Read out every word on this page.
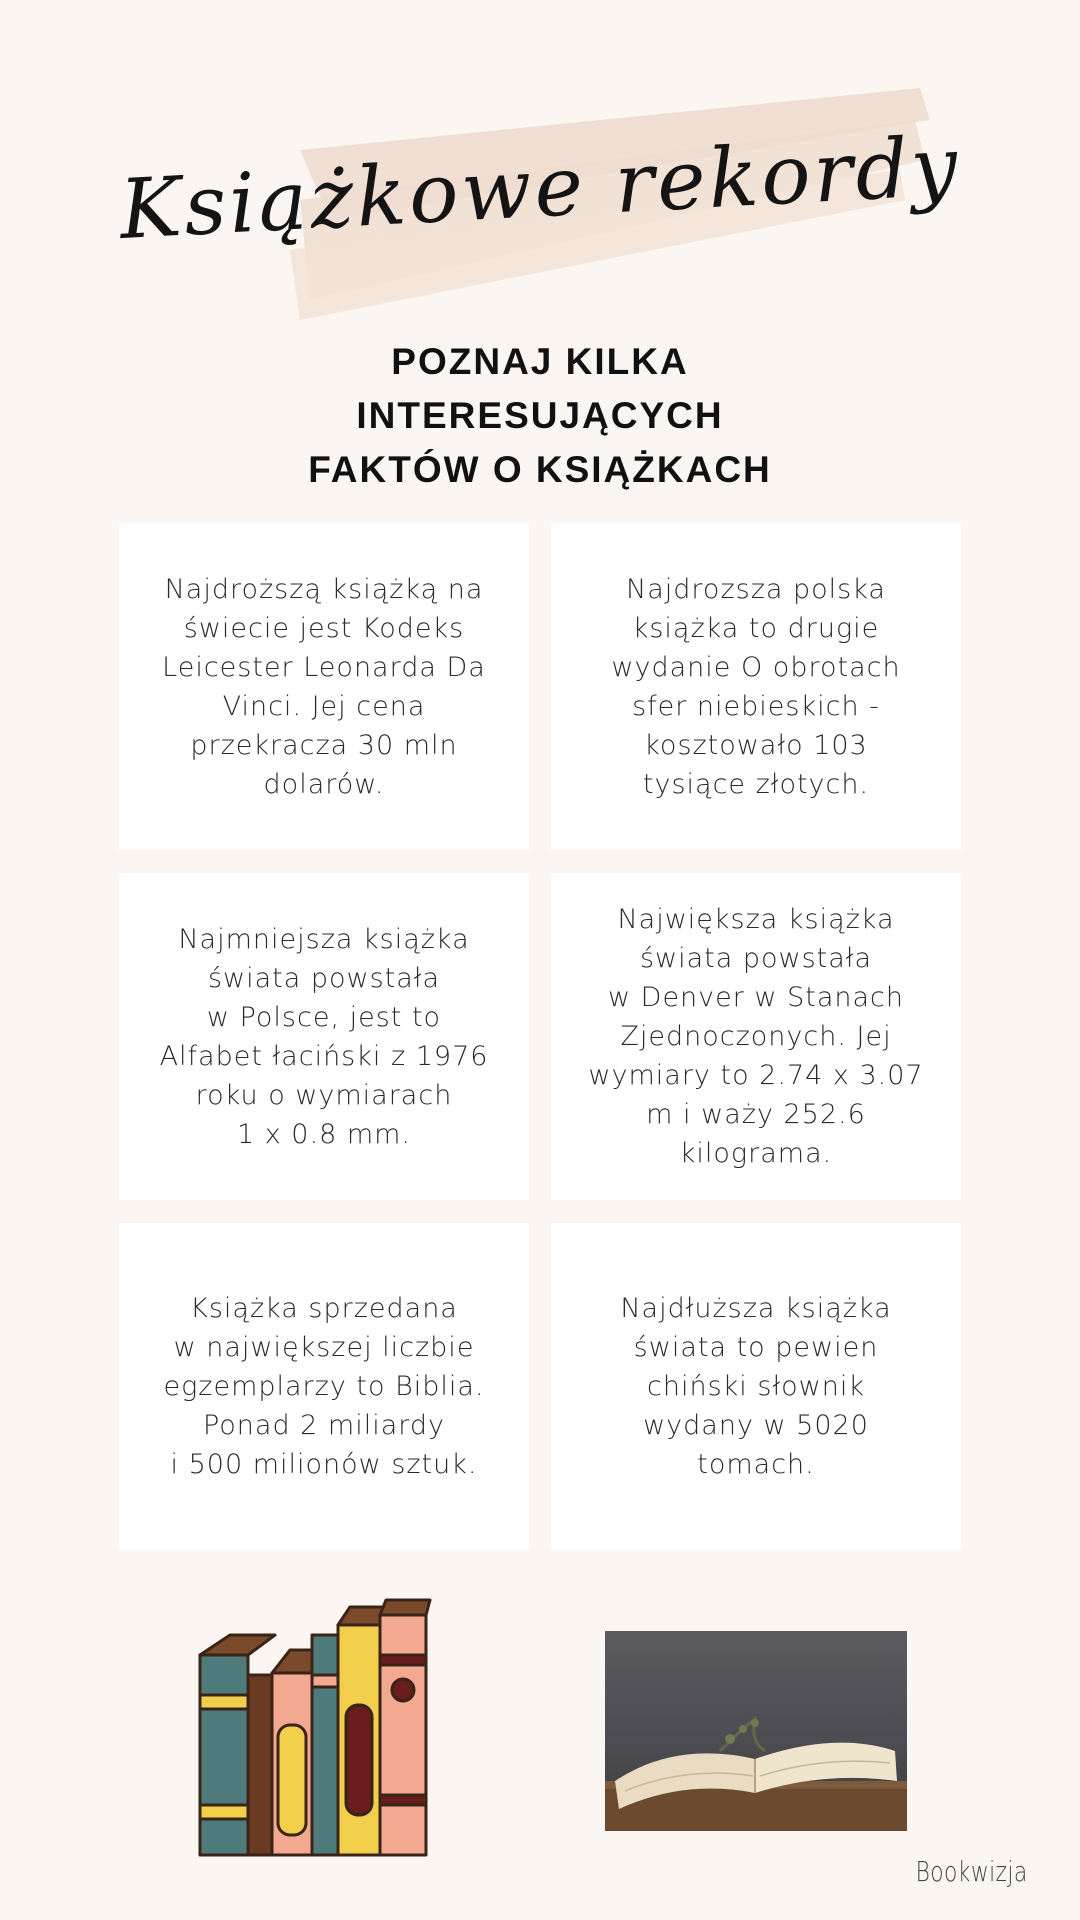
Książkowe rekordy
POZNAJ KILKA
INTERESUJĄCYCH
FAKTÓW O KSIĄŻKACH
Najdroższą książką na
świecie jest Kodeks
Leicester Leonarda Da
Vinci. Jej cena
przekracza 30 mln
dolarów.
Najdrozsza polska
książka to drugie
wydanie O obrotach
sfer niebieskich -
kosztowało 103
tysiące złotych.
Najmniejsza książka
świata powstała
w Polsce, jest to
Alfabet łaciński z 1976
roku o wymiarach
1 x 0.8 mm.
Największa książka
świata powstała
w Denver w Stanach
Zjednoczonych. Jej
wymiary to 2.74 x 3.07
m i waży 252.6
kilograma.
Książka sprzedana
w największej liczbie
egzemplarzy to Biblia.
Ponad 2 miliardy
i 500 milionów sztuk.
Najdłuższa książka
świata to pewien
chiński słownik
wydany w 5020
tomach.
Bookwizja
